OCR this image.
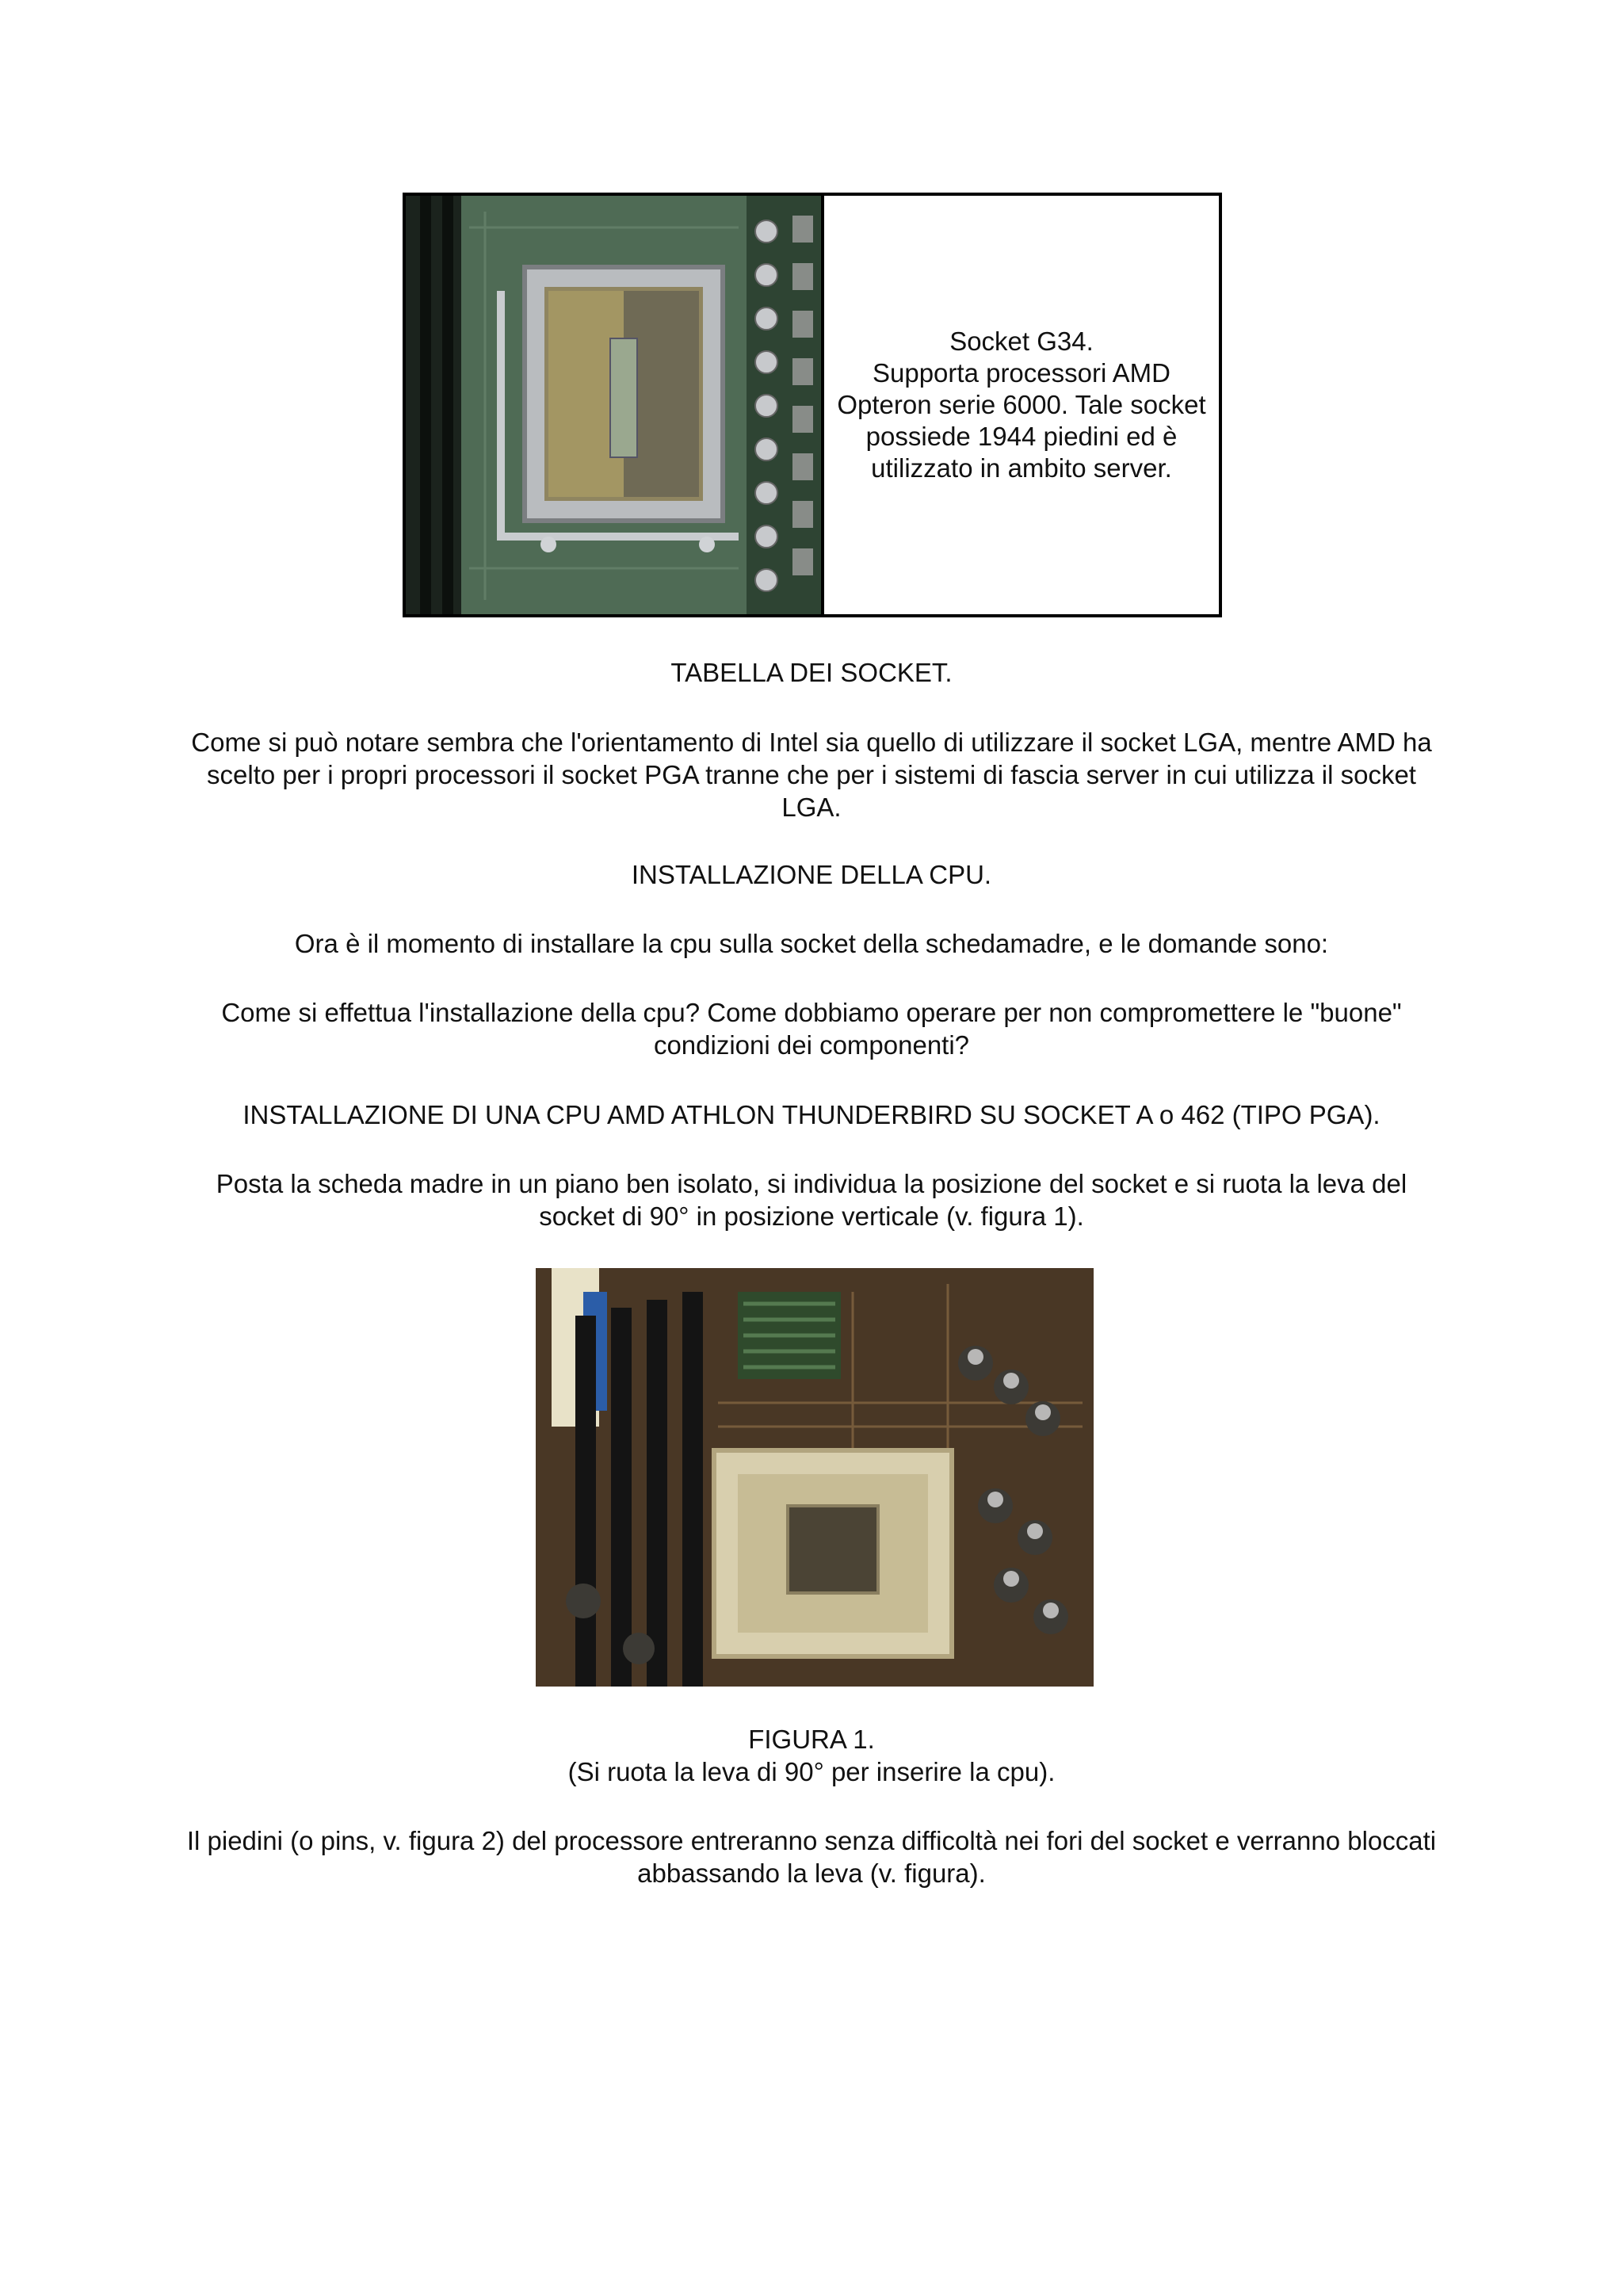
Socket G34.
Supporta processori AMD
Opteron serie 6000. Tale socket
possiede 1944 piedini ed è
utilizzato in ambito server.
TABELLA DEI SOCKET.
Come si può notare sembra che l'orientamento di Intel sia quello di utilizzare il socket LGA, mentre AMD ha
scelto per i propri processori il socket PGA tranne che per i sistemi di fascia server in cui utilizza il socket
LGA.
INSTALLAZIONE DELLA CPU.
Ora è il momento di installare la cpu sulla socket della schedamadre, e le domande sono:
Come si effettua l'installazione della cpu? Come dobbiamo operare per non compromettere le "buone"
condizioni dei componenti?
INSTALLAZIONE DI UNA CPU AMD ATHLON THUNDERBIRD SU SOCKET A o 462 (TIPO PGA).
Posta la scheda madre in un piano ben isolato, si individua la posizione del socket e si ruota la leva del
socket di 90° in posizione verticale (v. figura 1).
FIGURA 1.
(Si ruota la leva di 90° per inserire la cpu).
Il piedini (o pins, v. figura 2) del processore entreranno senza difficoltà nei fori del socket e verranno bloccati
abbassando la leva (v. figura).
